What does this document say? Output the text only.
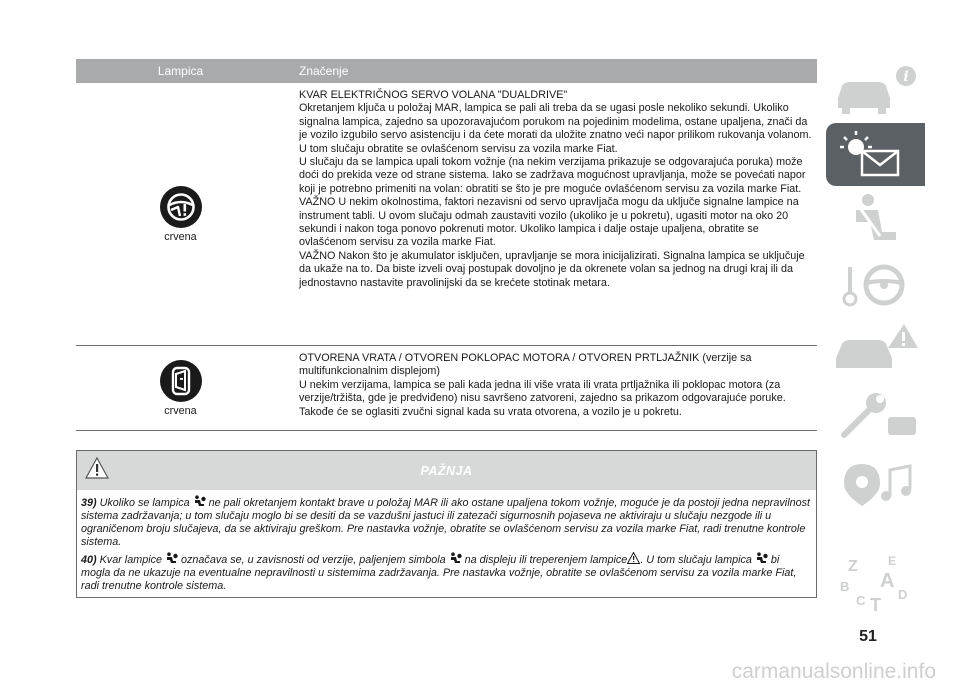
Lampica	Značenje
crvena

KVAR ELEKTRIČNOG SERVO VOLANA "DUALDRIVE"

Okretanjem ključa u položaj MAR, lampica se pali ali treba da se ugasi posle nekoliko sekundi. Ukoliko signalna lampica, zajedno sa upozoravajućom porukom na pojedinim modelima, ostane upaljena, znači da je vozilo izgubilo servo asistenciju i da ćete morati da uložite znatno veći napor prilikom rukovanja volanom.

U tom slučaju obratite se ovlašćenom servisu za vozila marke Fiat.

U slučaju da se lampica upali tokom vožnje (na nekim verzijama prikazuje se odgovarajuća poruka) može doći do prekida veze od strane sistema. Iako se zadržava mogućnost upravljanja, može se povećati napor koji je potrebno primeniti na volan: obratiti se što je pre moguće ovlašćenom servisu za vozila marke Fiat.

VAŽNO U nekim okolnostima, faktori nezavisni od servo upravljača mogu da uključe signalne lampice na instrument tabli. U ovom slučaju odmah zaustaviti vozilo (ukoliko je u pokretu), ugasiti motor na oko 20 sekundi i nakon toga ponovo pokrenuti motor. Ukoliko lampica i dalje ostaje upaljena, obratite se ovlašćenom servisu za vozila marke Fiat.

VAŽNO Nakon što je akumulator isključen, upravljanje se mora inicijalizirati. Signalna lampica se uključuje da ukaže na to. Da biste izveli ovaj postupak dovoljno je da okrenete volan sa jednog na drugi kraj ili da jednostavno nastavite pravolinijski da se krećete stotinak metara.

crvena

OTVORENA VRATA / OTVOREN POKLOPAC MOTORA / OTVOREN PRTLJAŽNIK (verzije sa multifunkcionalnim displejom)

U nekim verzijama, lampica se pali kada jedna ili više vrata ili vrata prtljažnika ili poklopac motora (za verzije/tržišta, gde je predviđeno) nisu savršeno zatvoreni, zajedno sa prikazom odgovarajuće poruke. Takođe će se oglasiti zvučni signal kada su vrata otvorena, a vozilo je u pokretu.

PAŽNJA

39) Ukoliko se lampica ne pali okretanjem kontakt brave u položaj MAR ili ako ostane upaljena tokom vožnje, moguće je da postoji jedna nepravilnost sistema zadržavanja; u tom slučaju moglo bi se desiti da se vazdušni jastuci ili zatezači sigurnosnih pojaseva ne aktiviraju u slučaju nezgode ili u ograničenom broju slučajeva, da se aktiviraju greškom. Pre nastavka vožnje, obratite se ovlašćenom servisu za vozila marke Fiat, radi trenutne kontrole sistema.

40) Kvar lampice označava se, u zavisnosti od verzije, paljenjem simbola na displeju ili treperenjem lampice . U tom slučaju lampica bi mogla da ne ukazuje na eventualne nepravilnosti u sistemima zadržavanja. Pre nastavka vožnje, obratite se ovlašćenom servisu za vozila marke Fiat, radi trenutne kontrole sistema.

i
Z	E
A
B
C T
D
51
carmanualsonline.info
